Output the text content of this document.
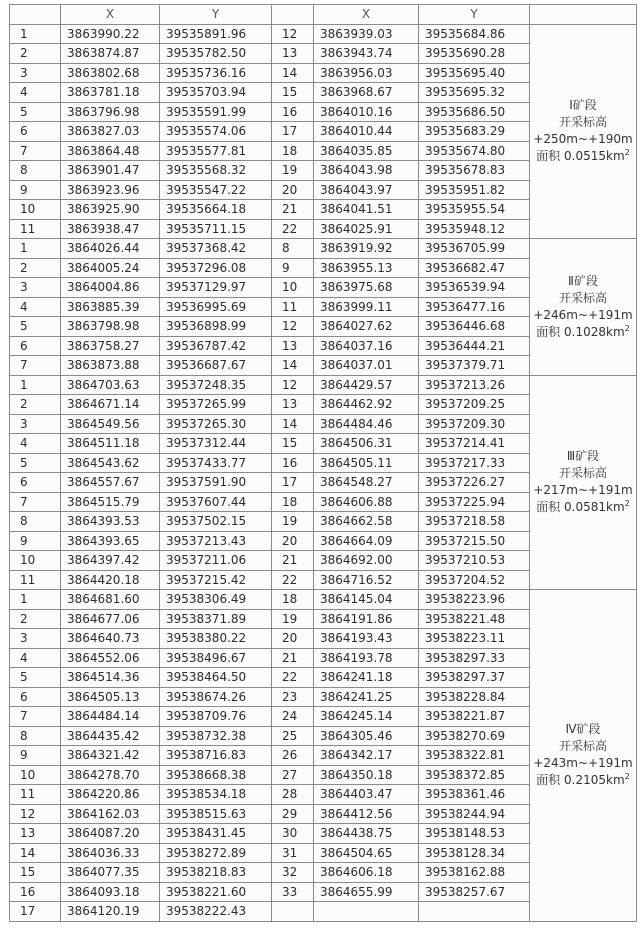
	X	Y		X	Y	
1	3863990.22	39535891.96	12	3863939.03	39535684.86	Ⅰ矿段
开采标高
+250m~+190m
面积 $0.0515km^2$

2	3863874.87	39535782.50	13	3863943.74	39535690.28	
3	3863802.68	39535736.16	14	3863956.03	39535695.40	
4	3863781.18	39535703.94	15	3863968.67	39535695.32	
5	3863796.98	39535591.99	16	3864010.16	39535686.50	
6	3863827.03	39535574.06	17	3864010.44	39535683.29	
7	3863864.48	39535577.81	18	3864035.85	39535674.80	
8	3863901.47	39535568.32	19	3864043.98	39535678.83	
9	3863923.96	39535547.22	20	3864043.97	39535951.82	
10	3863925.90	39535664.18	21	3864041.51	39535955.54	
11	3863938.47	39535711.15	22	3864025.91	39535948.12	
1	3864026.44	39537368.42	8	3863919.92	39536705.99	Ⅱ矿段
开采标高
+246m~+191m
面积 $0.1028km^2$

2	3864005.24	39537296.08	9	3863955.13	39536682.47	
3	3864004.86	39537129.97	10	3863975.68	39536539.94	
4	3863885.39	39536995.69	11	3863999.11	39536477.16	
5	3863798.98	39536898.99	12	3864027.62	39536446.68	
6	3863758.27	39536787.42	13	3864037.16	39536444.21	
7	3863873.88	39536687.67	14	3864037.01	39537379.71	
1	3864703.63	39537248.35	12	3864429.57	39537213.26	Ⅲ矿段
开采标高
+217m~+191m
面积 $0.0581km^2$

2	3864671.14	39537265.99	13	3864462.92	39537209.25	
3	3864549.56	39537265.30	14	3864484.46	39537209.30	
4	3864511.18	39537312.44	15	3864506.31	39537214.41	
5	3864543.62	39537433.77	16	3864505.11	39537217.33	
6	3864557.67	39537591.90	17	3864548.27	39537226.27	
7	3864515.79	39537607.44	18	3864606.88	39537225.94	
8	3864393.53	39537502.15	19	3864662.58	39537218.58	
9	3864393.65	39537213.43	20	3864664.09	39537215.50	
10	3864397.42	39537211.06	21	3864692.00	39537210.53	
11	3864420.18	39537215.42	22	3864716.52	39537204.52	
1	3864681.60	39538306.49	18	3864145.04	39538223.96	Ⅳ矿段
开采标高
+243m~+191m
面积 $0.2105km^2$

2	3864677.06	39538371.89	19	3864191.86	39538221.48	
3	3864640.73	39538380.22	20	3864193.43	39538223.11	
4	3864552.06	39538496.67	21	3864193.78	39538297.33	
5	3864514.36	39538464.50	22	3864241.18	39538297.37	
6	3864505.13	39538674.26	23	3864241.25	39538228.84	
7	3864484.14	39538709.76	24	3864245.14	39538221.87	
8	3864435.42	39538732.38	25	3864305.46	39538270.69	
9	3864321.42	39538716.83	26	3864342.17	39538322.81	
10	3864278.70	39538668.38	27	3864350.18	39538372.85	
11	3864220.86	39538534.18	28	3864403.47	39538361.46	
12	3864162.03	39538515.63	29	3864412.56	39538244.94	
13	3864087.20	39538431.45	30	3864438.75	39538148.53	
14	3864036.33	39538272.89	31	3864504.65	39538128.34	
15	3864077.35	39538218.83	32	3864606.18	39538162.88	
16	3864093.18	39538221.60	33	3864655.99	39538257.67	
17	3864120.19	39538222.43				
